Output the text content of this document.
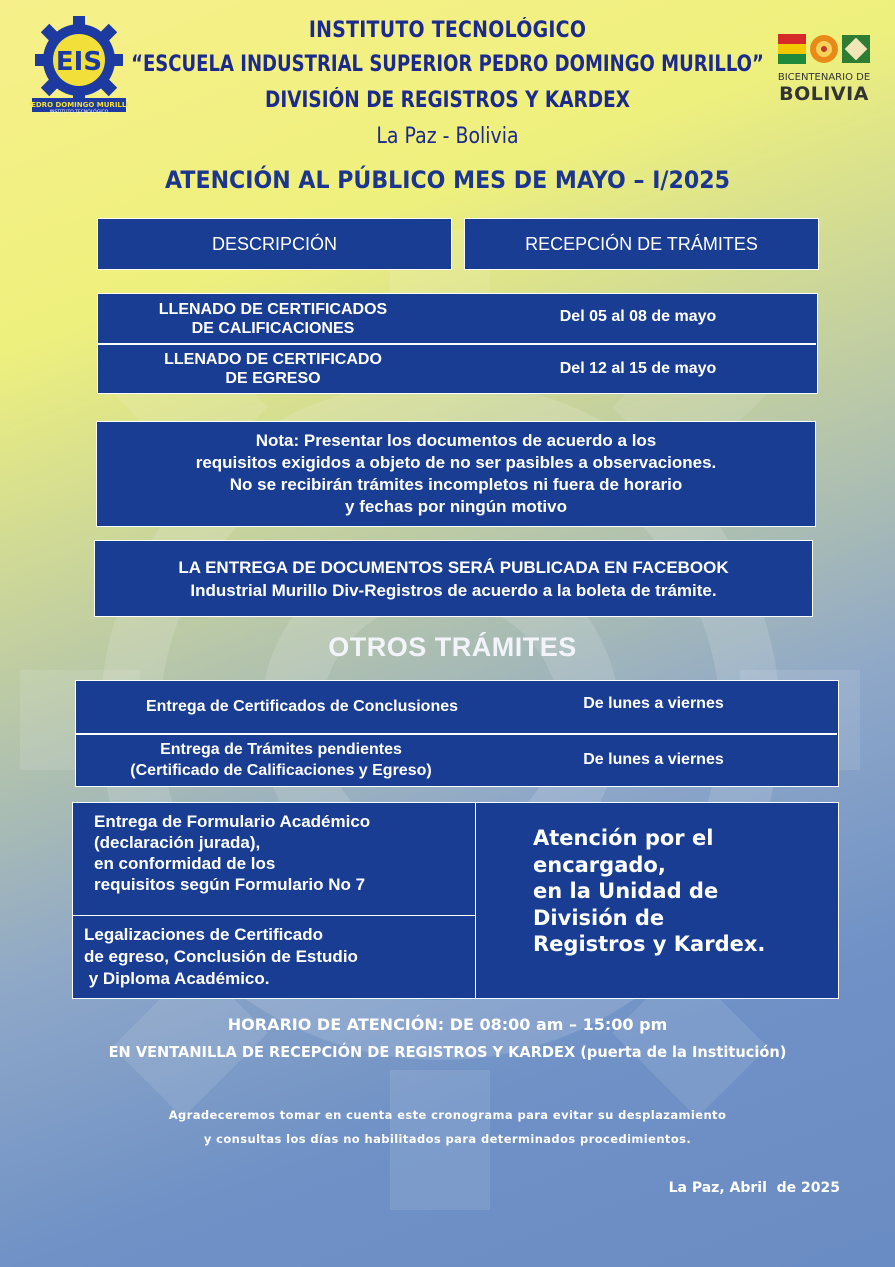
EIS
PEDRO DOMINGO MURILLO
INSTITUTO TECNOLÓGICO
BICENTENARIO DE
BOLIVIA
INSTITUTO TECNOLÓGICO
“ESCUELA INDUSTRIAL SUPERIOR PEDRO DOMINGO MURILLO”
DIVISIÓN DE REGISTROS Y KARDEX
La Paz - Bolivia
ATENCIÓN AL PÚBLICO MES DE MAYO – I/2025
DESCRIPCIÓN	RECEPCIÓN DE TRÁMITES
LLENADO DE CERTIFICADOS
DE CALIFICACIONES
Del 05 al 08 de mayo
LLENADO DE CERTIFICADO
DE EGRESO
Del 12 al 15 de mayo
Nota: Presentar los documentos de acuerdo a los
requisitos exigidos a objeto de no ser pasibles a observaciones.
No se recibirán trámites incompletos ni fuera de horario
y fechas por ningún motivo
LA ENTREGA DE DOCUMENTOS SERÁ PUBLICADA EN FACEBOOK
Industrial Murillo Div-Registros de acuerdo a la boleta de trámite.
OTROS TRÁMITES
Entrega de Certificados de Conclusiones	De lunes a viernes
Entrega de Trámites pendientes
(Certificado de Calificaciones y Egreso)
De lunes a viernes
Entrega de Formulario Académico
(declaración jurada),
en conformidad de los
requisitos según Formulario No 7
Legalizaciones de Certificado
de egreso, Conclusión de Estudio
y Diploma Académico.
Atención por el
encargado,
en la Unidad de
División de
Registros y Kardex.
HORARIO DE ATENCIÓN: DE 08:00 am – 15:00 pm
EN VENTANILLA DE RECEPCIÓN DE REGISTROS Y KARDEX (puerta de la Institución)
Agradeceremos tomar en cuenta este cronograma para evitar su desplazamiento
y consultas los días no habilitados para determinados procedimientos.
La Paz, Abril  de 2025
